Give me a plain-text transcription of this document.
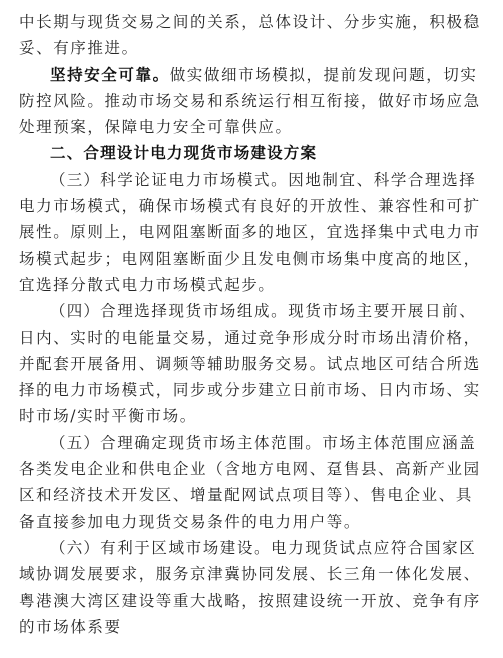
中长期与现货交易之间的关系，总体设计、分步实施，积极稳妥、有序推进。

坚持安全可靠。做实做细市场模拟，提前发现问题，切实防控风险。推动市场交易和系统运行相互衔接，做好市场应急处理预案，保障电力安全可靠供应。

二、合理设计电力现货市场建设方案

（三）科学论证电力市场模式。因地制宜、科学合理选择电力市场模式，确保市场模式有良好的开放性、兼容性和可扩展性。原则上，电网阻塞断面多的地区，宜选择集中式电力市场模式起步；电网阻塞断面少且发电侧市场集中度高的地区，宜选择分散式电力市场模式起步。

（四）合理选择现货市场组成。现货市场主要开展日前、日内、实时的电能量交易，通过竞争形成分时市场出清价格，并配套开展备用、调频等辅助服务交易。试点地区可结合所选择的电力市场模式，同步或分步建立日前市场、日内市场、实时市场/实时平衡市场。

（五）合理确定现货市场主体范围。市场主体范围应涵盖各类发电企业和供电企业（含地方电网、趸售县、高新产业园区和经济技术开发区、增量配网试点项目等）、售电企业、具备直接参加电力现货交易条件的电力用户等。

（六）有利于区域市场建设。电力现货试点应符合国家区域协调发展要求，服务京津冀协同发展、长三角一体化发展、粤港澳大湾区建设等重大战略，按照建设统一开放、竞争有序的市场体系要
